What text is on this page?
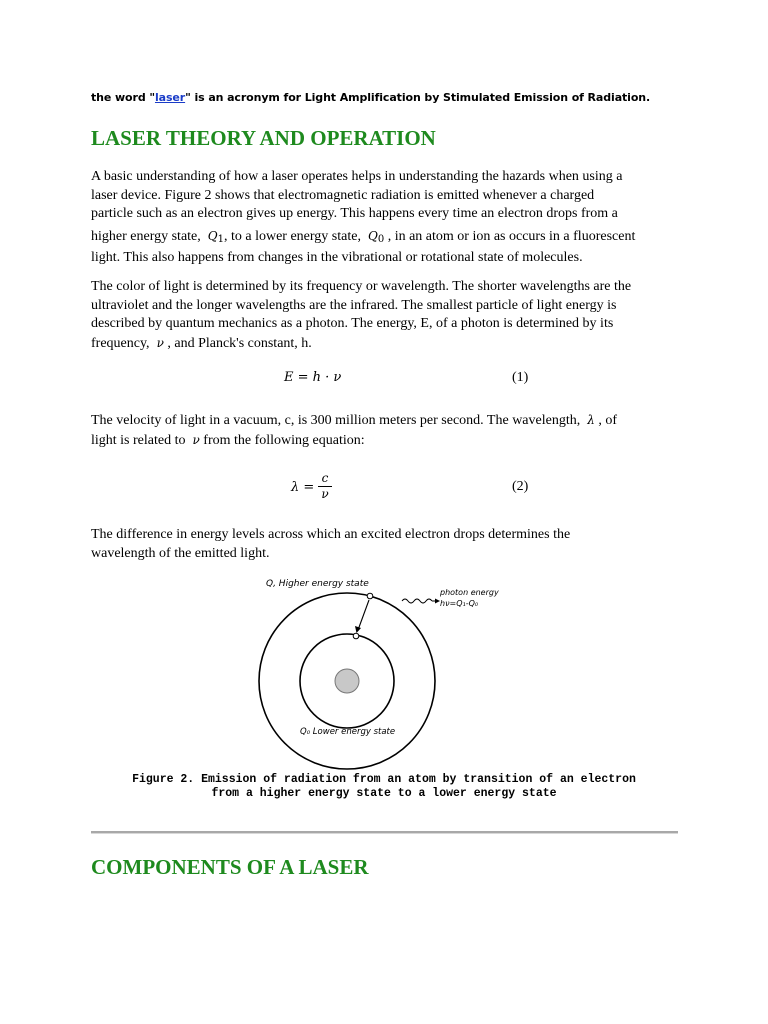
the word "laser" is an acronym for Light Amplification by Stimulated Emission of Radiation.
LASER THEORY AND OPERATION
A basic understanding of how a laser operates helps in understanding the hazards when using a
laser device. Figure 2 shows that electromagnetic radiation is emitted whenever a charged
particle such as an electron gives up energy. This happens every time an electron drops from a
higher energy state, $Q_1$, to a lower energy state, $Q_0$ , in an atom or ion as occurs in a fluorescent
light. This also happens from changes in the vibrational or rotational state of molecules.
The color of light is determined by its frequency or wavelength. The shorter wavelengths are the
ultraviolet and the longer wavelengths are the infrared. The smallest particle of light energy is
described by quantum mechanics as a photon. The energy, E, of a photon is determined by its
frequency, ν , and Planck's constant, h.
E = h · ν	(1)
The velocity of light in a vacuum, c, is 300 million meters per second. The wavelength, λ , of
light is related to ν from the following equation:
λ =
c
ν	(2)
The difference in energy levels across which an excited electron drops determines the
wavelength of the emitted light.
Q, Higher energy state
photon energy
hν=Q₁-Q₀
Q₀ Lower energy state
Figure 2. Emission of radiation from an atom by transition of an electron
from a higher energy state to a lower energy state
COMPONENTS OF A LASER
